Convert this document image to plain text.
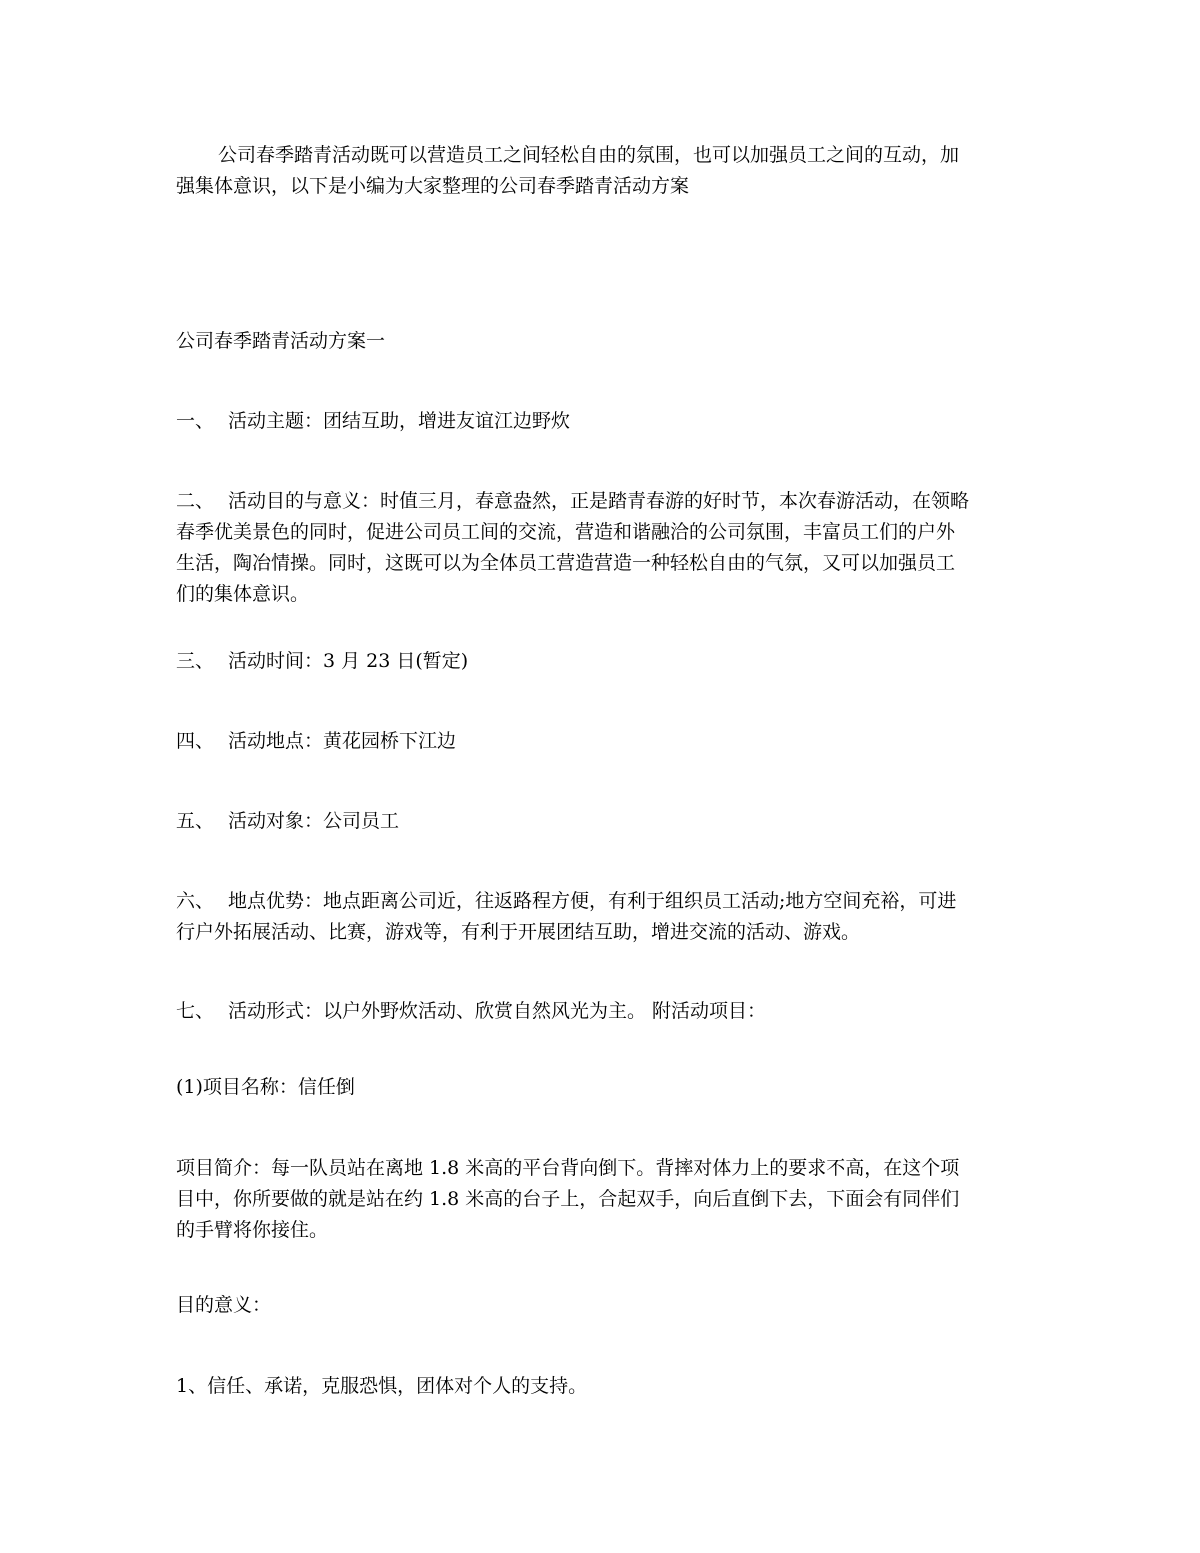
公司春季踏青活动既可以营造员工之间轻松自由的氛围，也可以加强员工之间的互动，加
强集体意识，以下是小编为大家整理的公司春季踏青活动方案

公司春季踏青活动方案一

一、 活动主题：团结互助，增进友谊江边野炊

二、 活动目的与意义：时值三月，春意盎然，正是踏青春游的好时节，本次春游活动，在领略
春季优美景色的同时，促进公司员工间的交流，营造和谐融洽的公司氛围，丰富员工们的户外
生活，陶冶情操。同时，这既可以为全体员工营造营造一种轻松自由的气氛，又可以加强员工
们的集体意识。

三、 活动时间：3 月 23 日(暂定)

四、 活动地点：黄花园桥下江边

五、 活动对象：公司员工

六、 地点优势：地点距离公司近，往返路程方便，有利于组织员工活动;地方空间充裕，可进
行户外拓展活动、比赛，游戏等，有利于开展团结互助，增进交流的活动、游戏。

七、 活动形式：以户外野炊活动、欣赏自然风光为主。 附活动项目：

(1)项目名称：信任倒

项目简介：每一队员站在离地 1.8 米高的平台背向倒下。背摔对体力上的要求不高，在这个项
目中，你所要做的就是站在约 1.8 米高的台子上，合起双手，向后直倒下去，下面会有同伴们
的手臂将你接住。

目的意义：

1、信任、承诺，克服恐惧，团体对个人的支持。
